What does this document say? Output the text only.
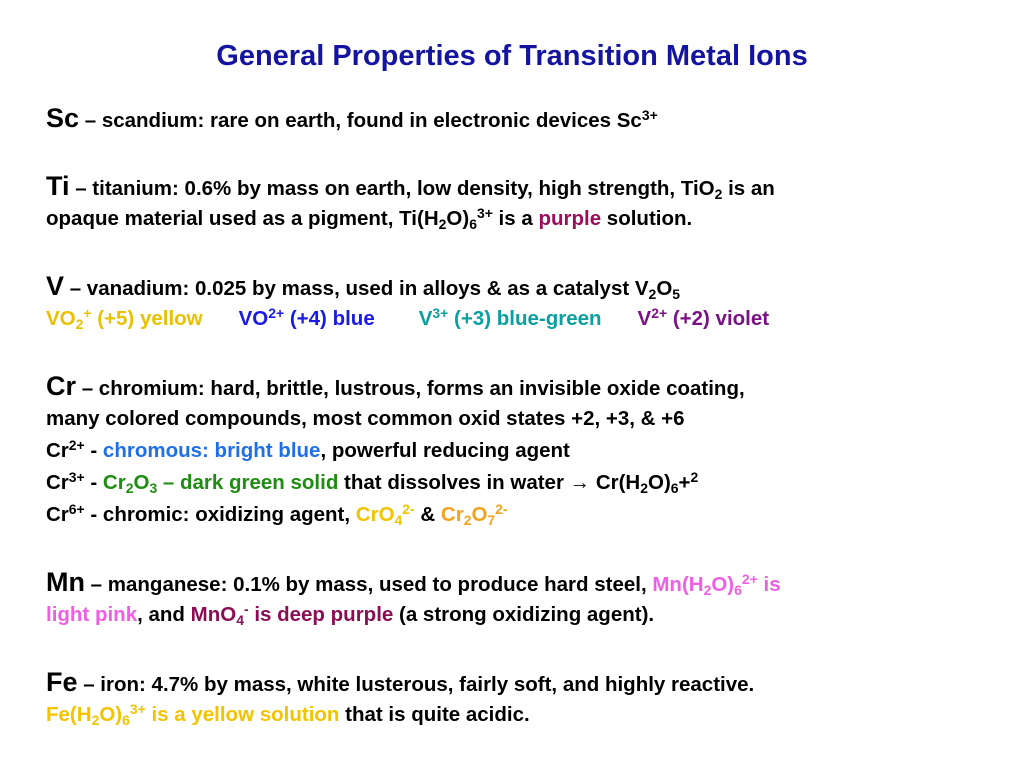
General Properties of Transition Metal Ions
Sc – scandium: rare on earth, found in electronic devices $Sc^{3+}$
Ti – titanium: 0.6% by mass on earth, low density, high strength, TiO$_2$ is an
opaque material used as a pigment, $Ti(H_2O)_6^{3+}$ is a purple solution.
V – vanadium: 0.025 by mass, used in alloys & as a catalyst $V_2O_5$
$VO_2^+$ (+5) yellow $VO^{2+}$ (+4) blue $V^{3+}$ (+3) blue-green $V^{2+}$ (+2) violet
Cr – chromium: hard, brittle, lustrous, forms an invisible oxide coating,
many colored compounds, most common oxid states +2, +3, & +6
$Cr^{2+}$ - chromous: bright blue, powerful reducing agent
$Cr^{3+} - Cr_2O_3$ – dark green solid that dissolves in water → $Cr(H_2O)_6+^2$
$Cr^{6+}$ - chromic: oxidizing agent, CrO$_4^{2-}$ & $Cr_2O_7^{2-}$
Mn – manganese: 0.1% by mass, used to produce hard steel, $Mn(H_2O)_6^{2+}$ is
light pink, and MnO$_4$- is deep purple (a strong oxidizing agent).
Fe – iron: 4.7% by mass, white lusterous, fairly soft, and highly reactive.
$Fe(H_2O)_6^{3+}$ is a yellow solution that is quite acidic.
